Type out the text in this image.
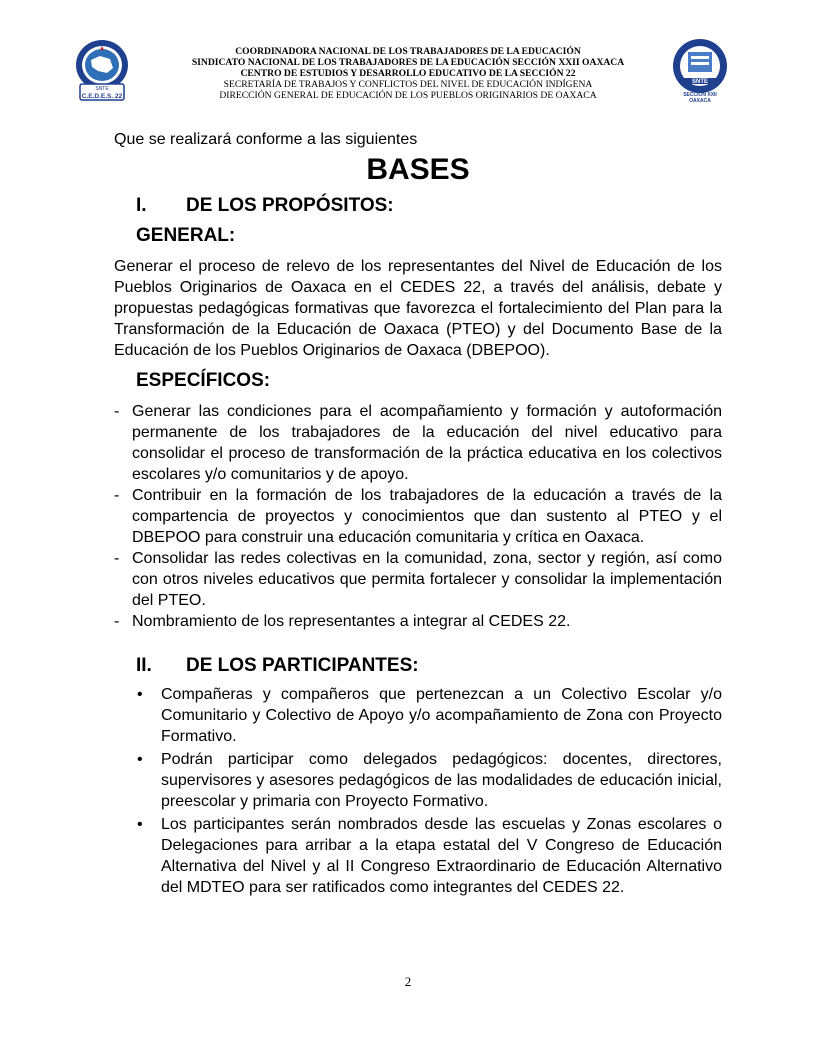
SNTE
C.E.D.E.S. 22
COORDINADORA NACIONAL DE LOS TRABAJADORES DE LA EDUCACIÓN
SINDICATO NACIONAL DE LOS TRABAJADORES DE LA EDUCACIÓN SECCIÓN XXII OAXACA
CENTRO DE ESTUDIOS Y DESARROLLO EDUCATIVO DE LA SECCIÓN 22
SECRETARÍA DE TRABAJOS Y CONFLICTOS DEL NIVEL DE EDUCACIÓN INDÍGENA
DIRECCIÓN GENERAL DE EDUCACIÓN DE LOS PUEBLOS ORIGINARIOS DE OAXACA
SNTE
SECCION XXII
OAXACA

Que se realizará conforme a las siguientes

BASES
I.	DE LOS PROPÓSITOS:
GENERAL:

Generar el proceso de relevo de los representantes del Nivel de Educación de los Pueblos Originarios de Oaxaca en el CEDES 22, a través del análisis, debate y propuestas pedagógicas formativas que favorezca el fortalecimiento del Plan para la Transformación de la Educación de Oaxaca (PTEO) y del Documento Base de la Educación de los Pueblos Originarios de Oaxaca (DBEPOO).

ESPECÍFICOS:
- Generar las condiciones para el acompañamiento y formación y autoformación permanente de los trabajadores de la educación del nivel educativo para consolidar el proceso de transformación de la práctica educativa en los colectivos escolares y/o comunitarios y de apoyo.
- Contribuir en la formación de los trabajadores de la educación a través de la compartencia de proyectos y conocimientos que dan sustento al PTEO y el DBEPOO para construir una educación comunitaria y crítica en Oaxaca.
- Consolidar las redes colectivas en la comunidad, zona, sector y región, así como con otros niveles educativos que permita fortalecer y consolidar la implementación del PTEO.
- Nombramiento de los representantes a integrar al CEDES 22.
II.	DE LOS PARTICIPANTES:
• Compañeras y compañeros que pertenezcan a un Colectivo Escolar y/o Comunitario y Colectivo de Apoyo y/o acompañamiento de Zona con Proyecto Formativo.
• Podrán participar como delegados pedagógicos: docentes, directores, supervisores y asesores pedagógicos de las modalidades de educación inicial, preescolar y primaria con Proyecto Formativo.
• Los participantes serán nombrados desde las escuelas y Zonas escolares o Delegaciones para arribar a la etapa estatal del V Congreso de Educación Alternativa del Nivel y al II Congreso Extraordinario de Educación Alternativo del MDTEO para ser ratificados como integrantes del CEDES 22.
2
